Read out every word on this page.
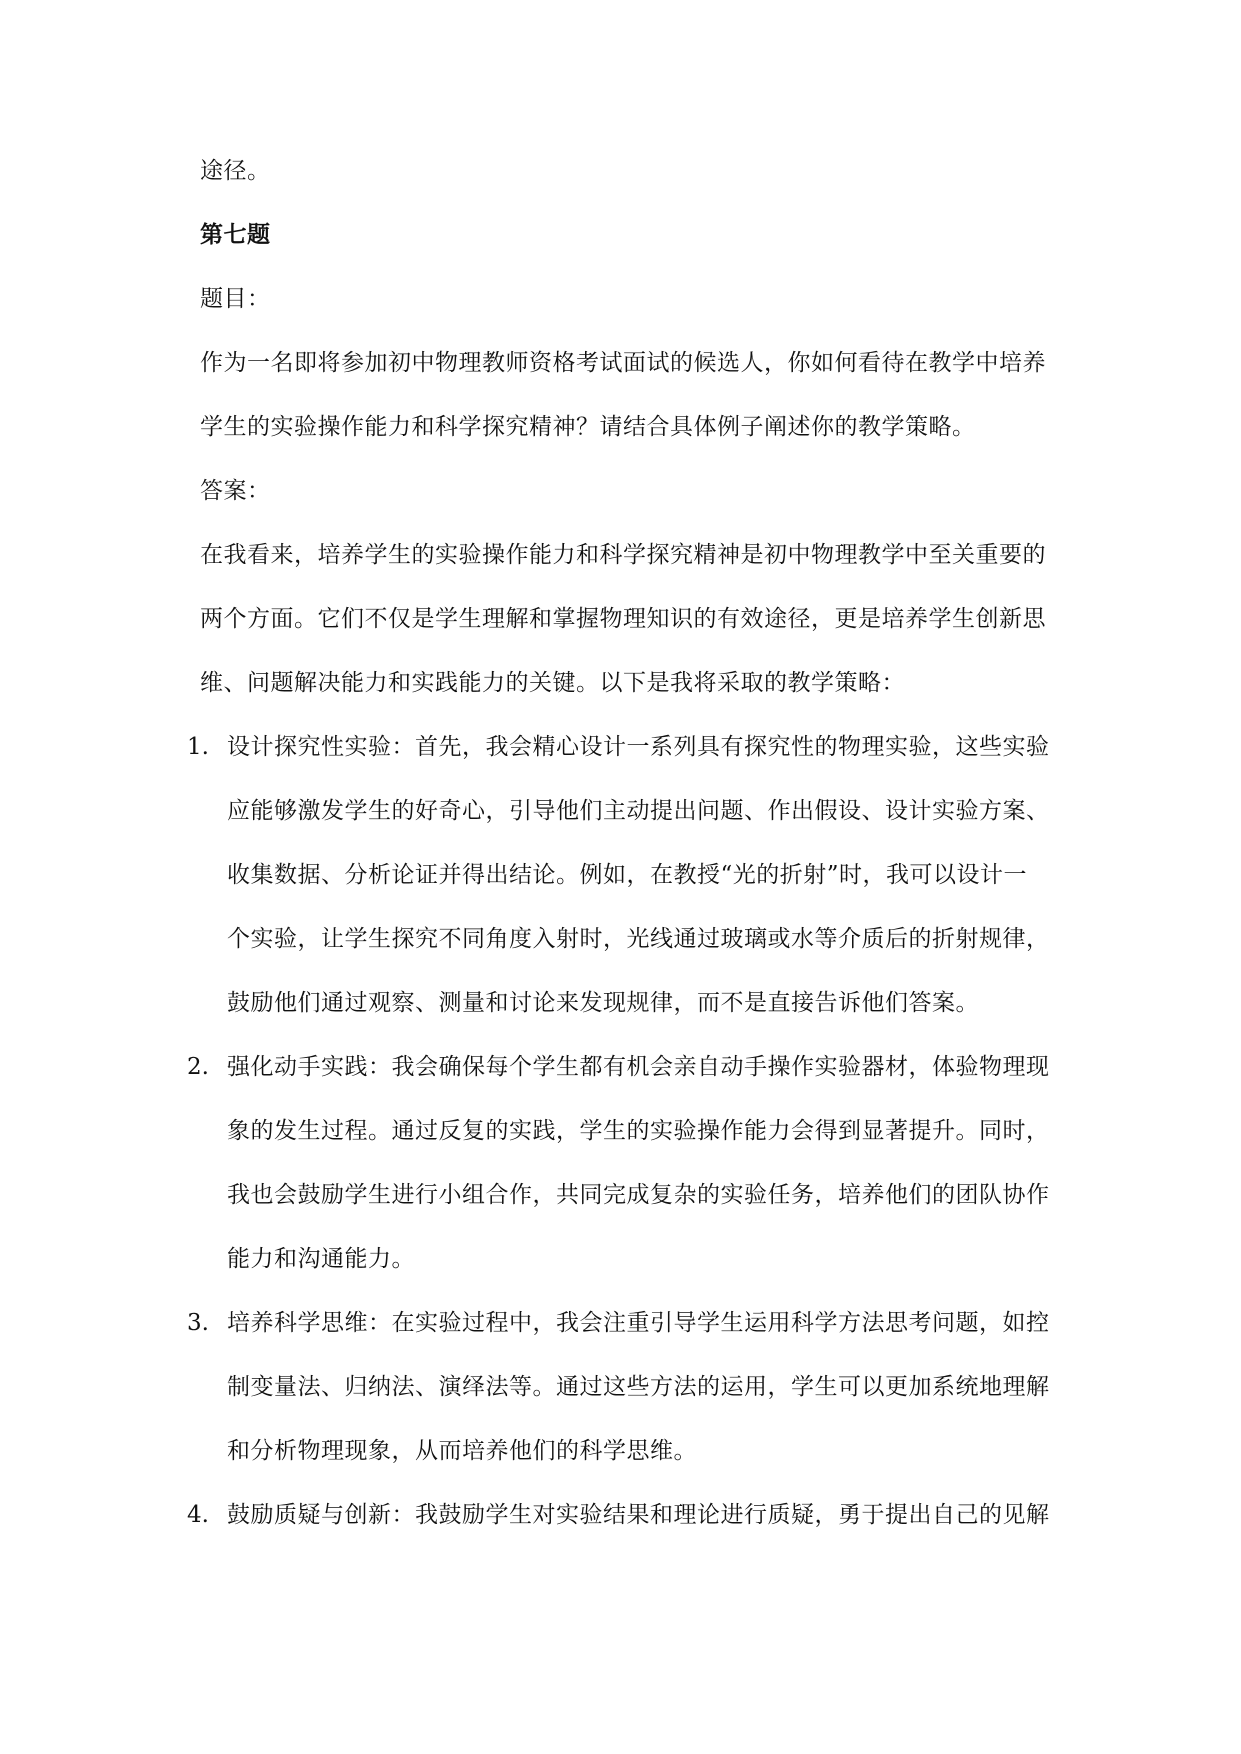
途径。
第七题
题目：
作为一名即将参加初中物理教师资格考试面试的候选人，你如何看待在教学中培养
学生的实验操作能力和科学探究精神？请结合具体例子阐述你的教学策略。
答案：
在我看来，培养学生的实验操作能力和科学探究精神是初中物理教学中至关重要的
两个方面。它们不仅是学生理解和掌握物理知识的有效途径，更是培养学生创新思
维、问题解决能力和实践能力的关键。以下是我将采取的教学策略：
1. 设计探究性实验：首先，我会精心设计一系列具有探究性的物理实验，这些实验
应能够激发学生的好奇心，引导他们主动提出问题、作出假设、设计实验方案、
收集数据、分析论证并得出结论。例如，在教授“光的折射”时，我可以设计一
个实验，让学生探究不同角度入射时，光线通过玻璃或水等介质后的折射规律，
鼓励他们通过观察、测量和讨论来发现规律，而不是直接告诉他们答案。
2. 强化动手实践：我会确保每个学生都有机会亲自动手操作实验器材，体验物理现
象的发生过程。通过反复的实践，学生的实验操作能力会得到显著提升。同时，
我也会鼓励学生进行小组合作，共同完成复杂的实验任务，培养他们的团队协作
能力和沟通能力。
3. 培养科学思维：在实验过程中，我会注重引导学生运用科学方法思考问题，如控
制变量法、归纳法、演绎法等。通过这些方法的运用，学生可以更加系统地理解
和分析物理现象，从而培养他们的科学思维。
4. 鼓励质疑与创新：我鼓励学生对实验结果和理论进行质疑，勇于提出自己的见解
